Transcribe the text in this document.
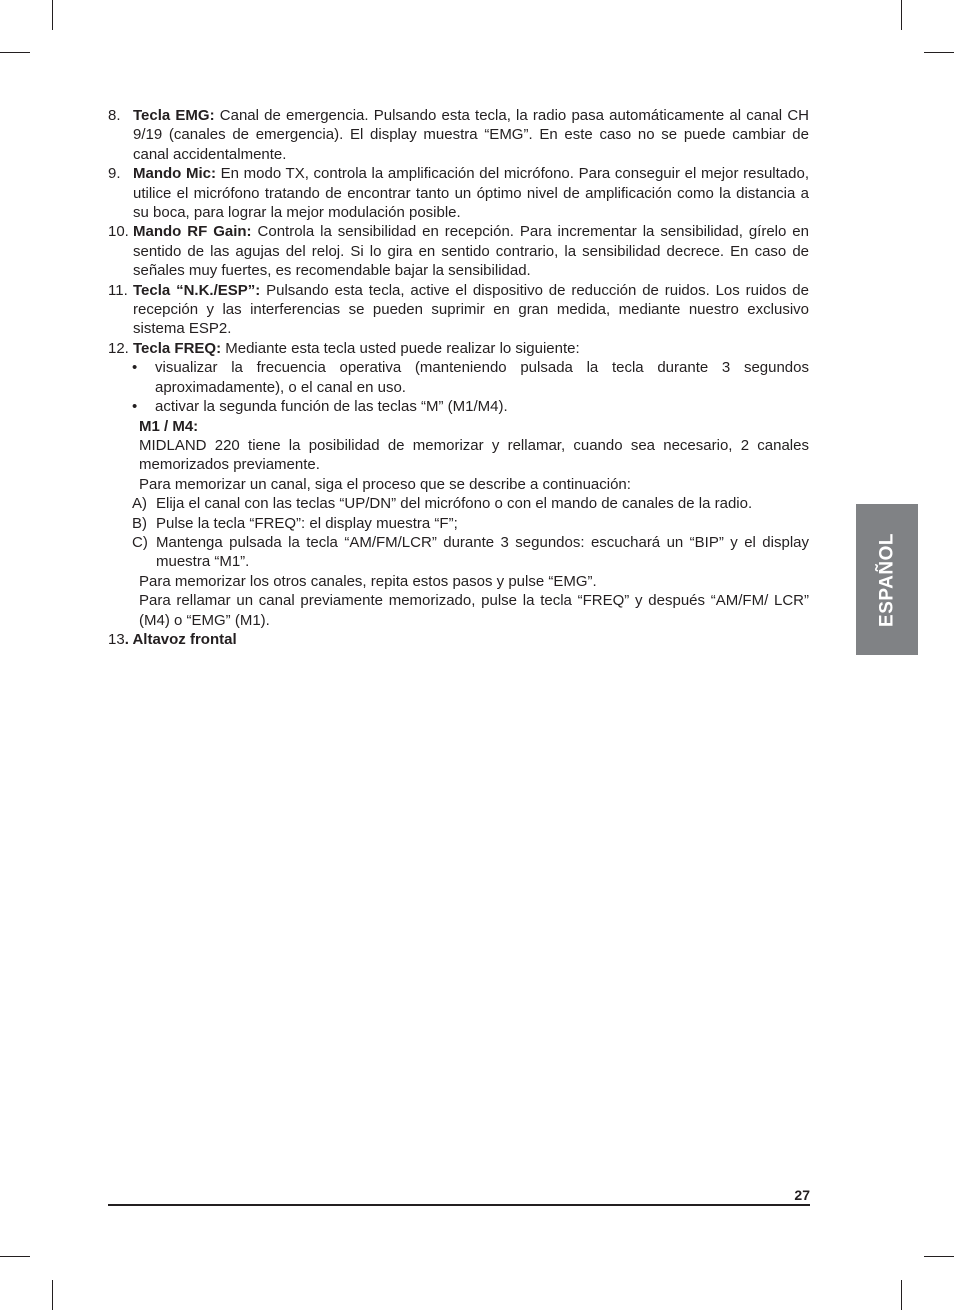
8. Tecla EMG: Canal de emergencia. Pulsando esta tecla, la radio pasa automáticamente al canal CH 9/19 (canales de emergencia). El display muestra “EMG”. En este caso no se puede cambiar de canal accidentalmente.
9. Mando Mic: En modo TX, controla la amplificación del micrófono. Para conseguir el mejor resultado, utilice el micrófono tratando de encontrar tanto un óptimo nivel de amplificación como la distancia a su boca, para lograr la mejor modulación posible.
10. Mando RF Gain: Controla la sensibilidad en recepción. Para incrementar la sensibilidad, gírelo en sentido de las agujas del reloj. Si lo gira en sentido contrario, la sensibilidad decrece. En caso de señales muy fuertes, es recomendable bajar la sensibilidad.
11. Tecla “N.K./ESP”: Pulsando esta tecla, active el dispositivo de reducción de ruidos. Los ruidos de recepción y las interferencias se pueden suprimir en gran medida, mediante nuestro exclusivo sistema ESP2.
12. Tecla FREQ: Mediante esta tecla usted puede realizar lo siguiente:
• visualizar la frecuencia operativa (manteniendo pulsada la tecla durante 3 segundos aproximadamente), o el canal en uso.
• activar la segunda función de las teclas “M” (M1/M4).
M1 / M4:
MIDLAND 220 tiene la posibilidad de memorizar y rellamar, cuando sea necesario, 2 canales memorizados previamente.
Para memorizar un canal, siga el proceso que se describe a continuación:
A) Elija el canal con las teclas “UP/DN” del micrófono o con el mando de canales de la radio.
B) Pulse la tecla “FREQ”: el display muestra “F”;
C) Mantenga pulsada la tecla “AM/FM/LCR” durante 3 segundos: escuchará un “BIP” y el display muestra “M1”.
Para memorizar los otros canales, repita estos pasos y pulse “EMG”.
Para rellamar un canal previamente memorizado, pulse la tecla “FREQ” y después “AM/FM/ LCR” (M4) o “EMG” (M1).
13. Altavoz frontal
ESPAÑOL
27
